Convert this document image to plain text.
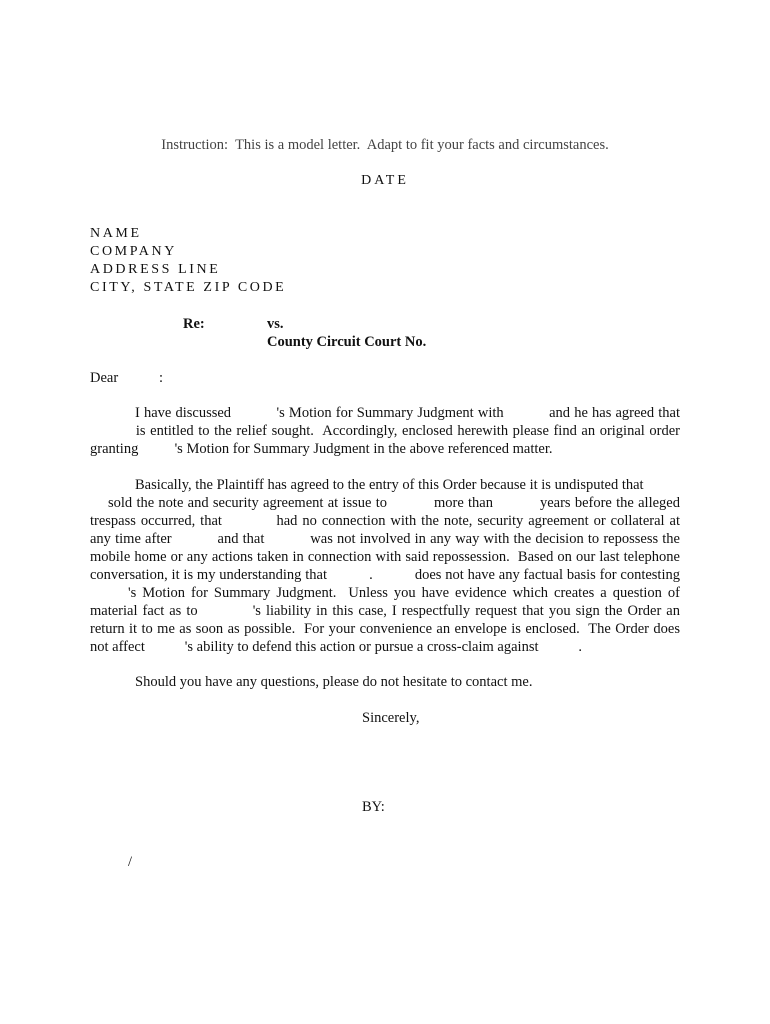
Instruction:  This is a model letter.  Adapt to fit your facts and circumstances.
DATE
NAME
COMPANY
ADDRESS LINE
CITY, STATE ZIP CODE
Re:	vs.
County Circuit Court No.
Dear	:
I have discussed           's Motion for Summary Judgment with           and he has agreed that
is entitled to the relief sought.  Accordingly, enclosed herewith please find an original order
granting          's Motion for Summary Judgment in the above referenced matter.
Basically, the Plaintiff has agreed to the entry of this Order because it is undisputed that
sold the note and security agreement at issue to           more than           years before the alleged
trespass occurred, that           had no connection with the note, security agreement or collateral at
any time after           and that           was not involved in any way with the decision to repossess the
mobile home or any actions taken in connection with said repossession.  Based on our last telephone
conversation, it is my understanding that           .           does not have any factual basis for contesting
's Motion for Summary Judgment.  Unless you have evidence which creates a question of
material fact as to           's liability in this case, I respectfully request that you sign the Order an
return it to me as soon as possible.  For your convenience an envelope is enclosed.  The Order does
not affect           's ability to defend this action or pursue a cross-claim against           .
Should you have any questions, please do not hesitate to contact me.
Sincerely,
BY:
/
